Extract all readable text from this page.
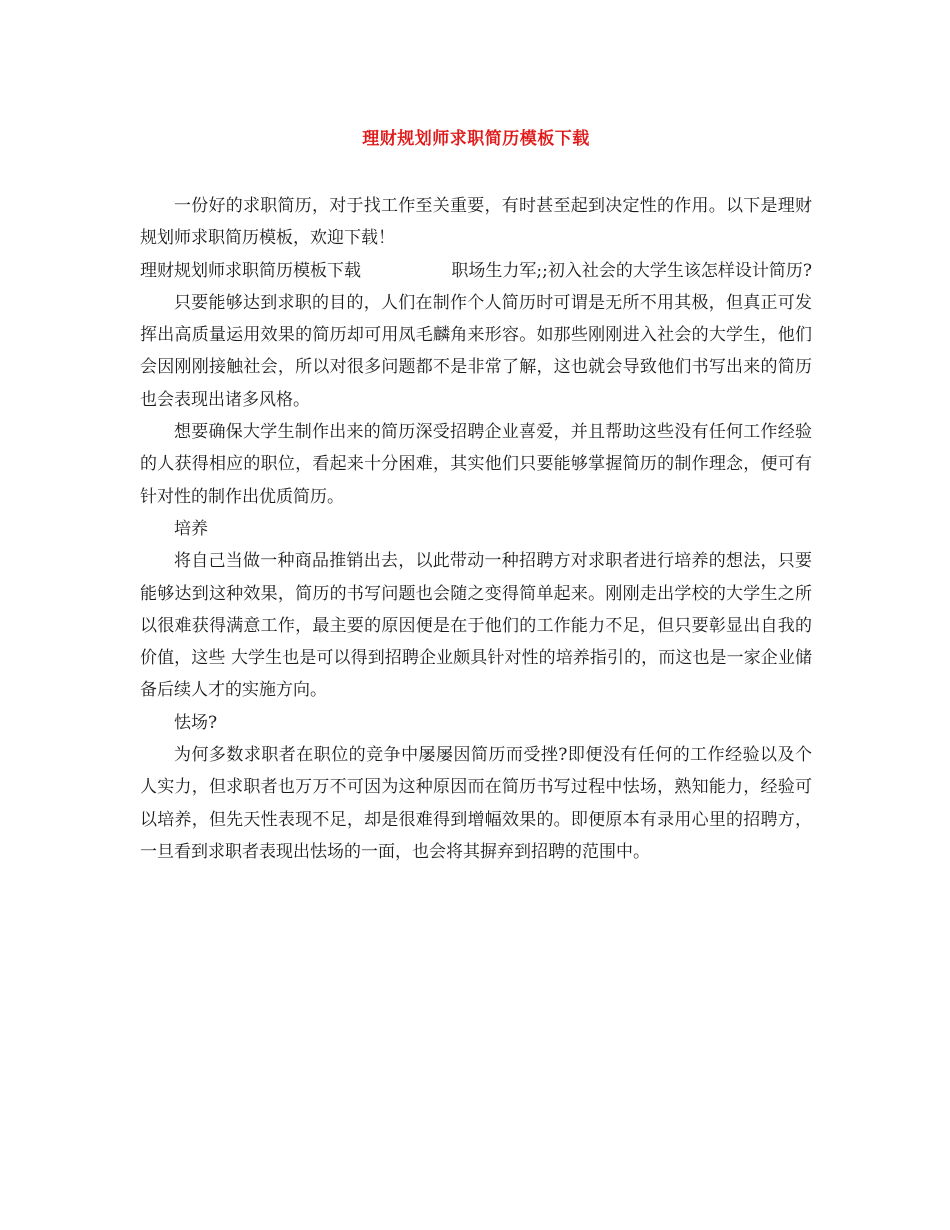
理财规划师求职简历模板下载

一份好的求职简历，对于找工作至关重要，有时甚至起到决定性的作用。以下是理财规划师求职简历模板，欢迎下载！

理财规划师求职简历模板下载	职场生力军;;初入社会的大学生该怎样设计简历?

只要能够达到求职的目的，人们在制作个人简历时可谓是无所不用其极，但真正可发挥出高质量运用效果的简历却可用凤毛麟角来形容。如那些刚刚进入社会的大学生，他们会因刚刚接触社会，所以对很多问题都不是非常了解，这也就会导致他们书写出来的简历也会表现出诸多风格。

想要确保大学生制作出来的简历深受招聘企业喜爱，并且帮助这些没有任何工作经验的人获得相应的职位，看起来十分困难，其实他们只要能够掌握简历的制作理念，便可有针对性的制作出优质简历。

培养

将自己当做一种商品推销出去，以此带动一种招聘方对求职者进行培养的想法，只要能够达到这种效果，简历的书写问题也会随之变得简单起来。刚刚走出学校的大学生之所以很难获得满意工作，最主要的原因便是在于他们的工作能力不足，但只要彰显出自我的价值，这些 大学生也是可以得到招聘企业颇具针对性的培养指引的，而这也是一家企业储备后续人才的实施方向。

怯场?

为何多数求职者在职位的竞争中屡屡因简历而受挫?即便没有任何的工作经验以及个人实力，但求职者也万万不可因为这种原因而在简历书写过程中怯场，熟知能力，经验可以培养，但先天性表现不足，却是很难得到增幅效果的。即便原本有录用心里的招聘方，一旦看到求职者表现出怯场的一面，也会将其摒弃到招聘的范围中。
